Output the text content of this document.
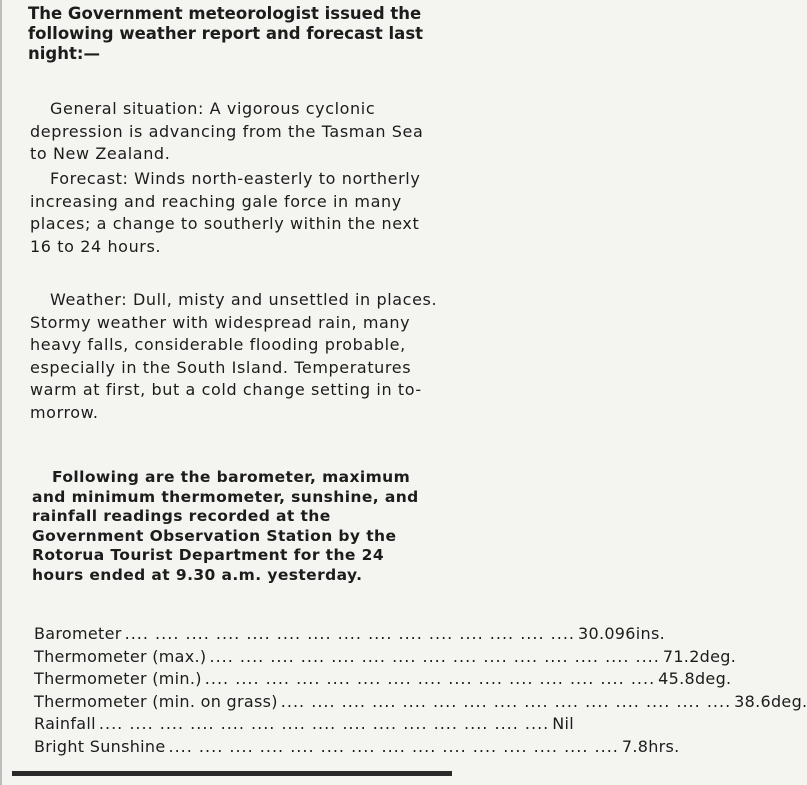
The Government meteorologist issued the following weather report and forecast last night:—
General situation: A vigorous cyclonic depression is advancing from the Tasman Sea to New Zealand.
Forecast: Winds north-easterly to northerly increasing and reaching gale force in many places; a change to southerly within the next 16 to 24 hours.
Weather: Dull, misty and unsettled in places. Stormy weather with widespread rain, many heavy falls, considerable flooding probable, especially in the South Island. Temperatures warm at first, but a cold change setting in to-morrow.
Following are the barometer, maximum and minimum thermometer, sunshine, and rainfall readings recorded at the Government Observation Station by the Rotorua Tourist Department for the 24 hours ended at 9.30 a.m. yesterday.
Barometer .... .... .... .... .... .... .... .... .... .... .... .... .... .... .... 30.096ins.
Thermometer (max.) .... .... .... .... .... .... .... .... .... .... .... .... .... .... .... 71.2deg.
Thermometer (min.) .... .... .... .... .... .... .... .... .... .... .... .... .... .... .... 45.8deg.
Thermometer (min. on grass) .... .... .... .... .... .... .... .... .... .... .... .... .... .... .... 38.6deg.
Rainfall .... .... .... .... .... .... .... .... .... .... .... .... .... .... .... Nil
Bright Sunshine .... .... .... .... .... .... .... .... .... .... .... .... .... .... .... 7.8hrs.
